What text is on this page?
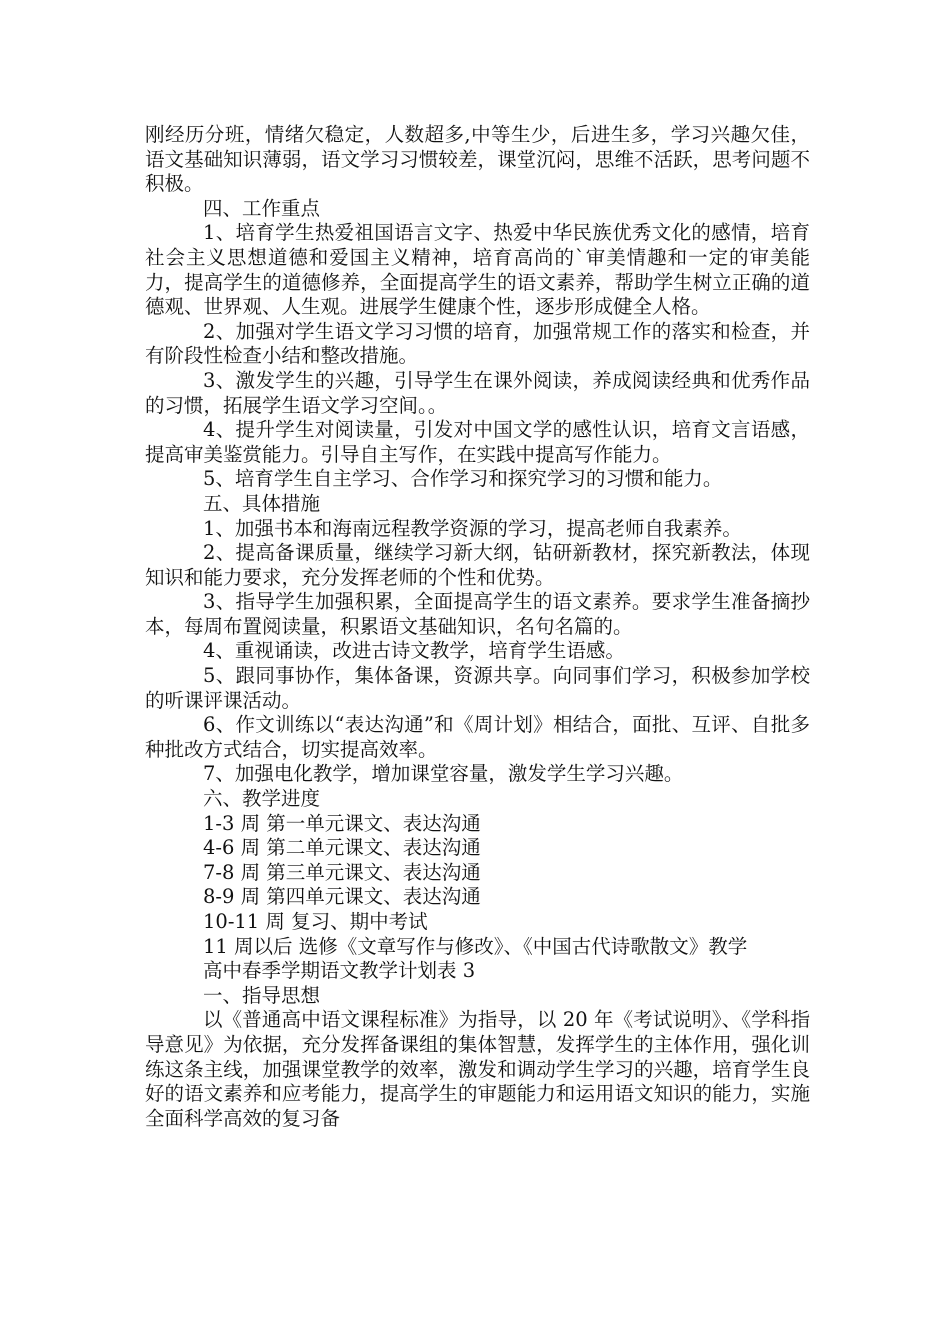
刚经历分班，情绪欠稳定，人数超多,中等生少，后进生多，学习兴趣欠佳，语文基础知识薄弱，语文学习习惯较差，课堂沉闷，思维不活跃，思考问题不积极。

四、工作重点

1、培育学生热爱祖国语言文字、热爱中华民族优秀文化的感情，培育社会主义思想道德和爱国主义精神，培育高尚的`审美情趣和一定的审美能力，提高学生的道德修养，全面提高学生的语文素养，帮助学生树立正确的道德观、世界观、人生观。进展学生健康个性，逐步形成健全人格。

2、加强对学生语文学习习惯的培育，加强常规工作的落实和检查，并有阶段性检查小结和整改措施。

3、激发学生的兴趣，引导学生在课外阅读，养成阅读经典和优秀作品的习惯，拓展学生语文学习空间。。

4、提升学生对阅读量，引发对中国文学的感性认识，培育文言语感，提高审美鉴赏能力。引导自主写作，在实践中提高写作能力。

5、培育学生自主学习、合作学习和探究学习的习惯和能力。

五、具体措施

1、加强书本和海南远程教学资源的学习，提高老师自我素养。

2、提高备课质量，继续学习新大纲，钻研新教材，探究新教法，体现知识和能力要求，充分发挥老师的个性和优势。

3、指导学生加强积累，全面提高学生的语文素养。要求学生准备摘抄本，每周布置阅读量，积累语文基础知识，名句名篇的。

4、重视诵读，改进古诗文教学，培育学生语感。

5、跟同事协作，集体备课，资源共享。向同事们学习，积极参加学校的听课评课活动。

6、作文训练以“表达沟通”和《周计划》相结合，面批、互评、自批多种批改方式结合，切实提高效率。

7、加强电化教学，增加课堂容量，激发学生学习兴趣。

六、教学进度

1-3 周 第一单元课文、表达沟通

4-6 周 第二单元课文、表达沟通

7-8 周 第三单元课文、表达沟通

8-9 周 第四单元课文、表达沟通

10-11 周 复习、期中考试

11 周以后 选修《文章写作与修改》、《中国古代诗歌散文》教学

高中春季学期语文教学计划表 3

一、指导思想

以《普通高中语文课程标准》为指导，以 20 年《考试说明》、《学科指导意见》为依据，充分发挥备课组的集体智慧，发挥学生的主体作用，强化训练这条主线，加强课堂教学的效率，激发和调动学生学习的兴趣，培育学生良好的语文素养和应考能力，提高学生的审题能力和运用语文知识的能力，实施全面科学高效的复习备
